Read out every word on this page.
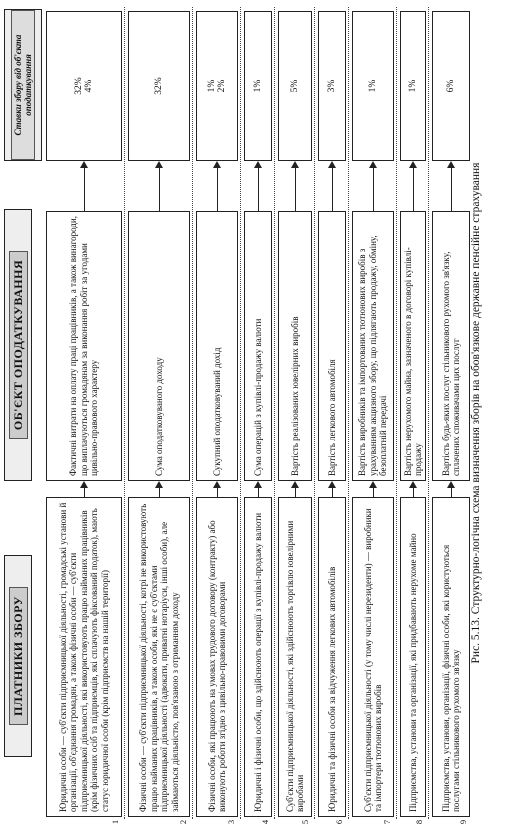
ПЛАТНИКИ ЗБОРУ
ОБ'ЄКТ ОПОДАТКУВАННЯ
Ставки збору від об'єкта оподаткування
1
Юридичні особи — суб'єкти підприємницької діяльності, громадські установи й організації, об'єднання громадян, а також фізичні особи — суб'єкти підприємницької діяльності, які використовують працю найманих працівників (крім фізичних осіб та підприємців, які сплачують фіксований податок), мають статус юридичної особи (крім підприємств на нашій території)
Фактичні витрати на оплату праці працівників, а також винагороди, що виплачуються громадянам за виконання робіт за угодами цивільно-правового характеру
32%
4%
2
Фізичні особи — суб'єкти підприємницької діяльності, котрі не використовують працю найманих працівників, а також особи, які не є суб'єктами підприємницької діяльності (адвокати, приватні нотаріуси, інші особи), але займаються діяльністю, пов'язаною з отриманням доходу
Сума оподатковуваного доходу
32%
3
Фізичні особи, які працюють на умовах трудового договору (контракту) або виконують роботи згідно з цивільно-правовими договорами
Сукупний оподатковуваний дохід
1%
2%
4
Юридичні і фізичні особи, що здійснюють операції з купівлі-продажу валюти
Сума операцій з купівлі-продажу валюти
1%
5
Суб'єкти підприємницької діяльності, які здійснюють торгівлю ювелірними виробами
Вартість реалізованих ювелірних виробів
5%
6
Юридичні та фізичні особи за відчуження легкових автомобілів
Вартість легкового автомобіля
3%
7
Суб'єкти підприємницької діяльності (у тому числі нерезиденти) — виробники та імпортери тютюнових виробів
Вартість виробників та імпортованих тютюнових виробів з урахуванням акцизного збору, що підлягають продажу, обміну, безоплатній передачі
1%
8
Підприємства, установи та організації, які придбавають нерухоме майно
Вартість нерухомого майна, зазначеного в договорі купівлі-продажу
1%
9
Підприємства, установи, організації, фізичні особи, які користуються послугами стільникового рухомого зв'язку
Вартість будь-яких послуг стільникового рухомого зв'язку, сплачених споживачами цих послуг
6%
Рис. 5.13. Структурно-логічна схема визначення зборів на обов'язкове державне пенсійне страхування
